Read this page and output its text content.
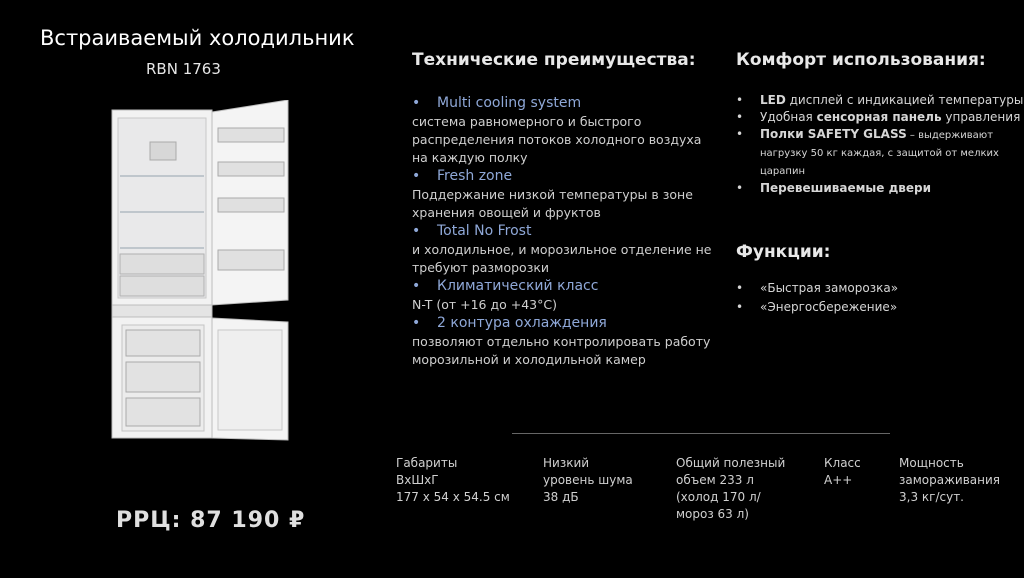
Встраиваемый холодильник
RBN 1763
РРЦ: 87 190 ₽
Технические преимущества:
• Multi cooling system
система равномерного и быстрого распределения потоков холодного воздуха на каждую полку
• Fresh zone
Поддержание низкой температуры в зоне хранения овощей и фруктов
• Total No Frost
и холодильное, и морозильное отделение не требуют разморозки
• Климатический класс
N-T (от +16 до +43°C)
• 2 контура охлаждения
позволяют отдельно контролировать работу морозильной и холодильной камер
Комфорт использования:
• LED дисплей с индикацией температуры
• Удобная сенсорная панель управления
• Полки SAFETY GLASS – выдерживают нагрузку 50 кг каждая, с защитой от мелких царапин
• Перевешиваемые двери
Функции:
• «Быстрая заморозка»
• «Энергосбережение»
Габариты
ВхШхГ
177 х 54 х 54.5 см
Низкий
уровень шума
38 дБ
Общий полезный
объем 233 л
(холод 170 л/
мороз 63 л)
Класс
А++
Мощность
замораживания
3,3 кг/сут.
